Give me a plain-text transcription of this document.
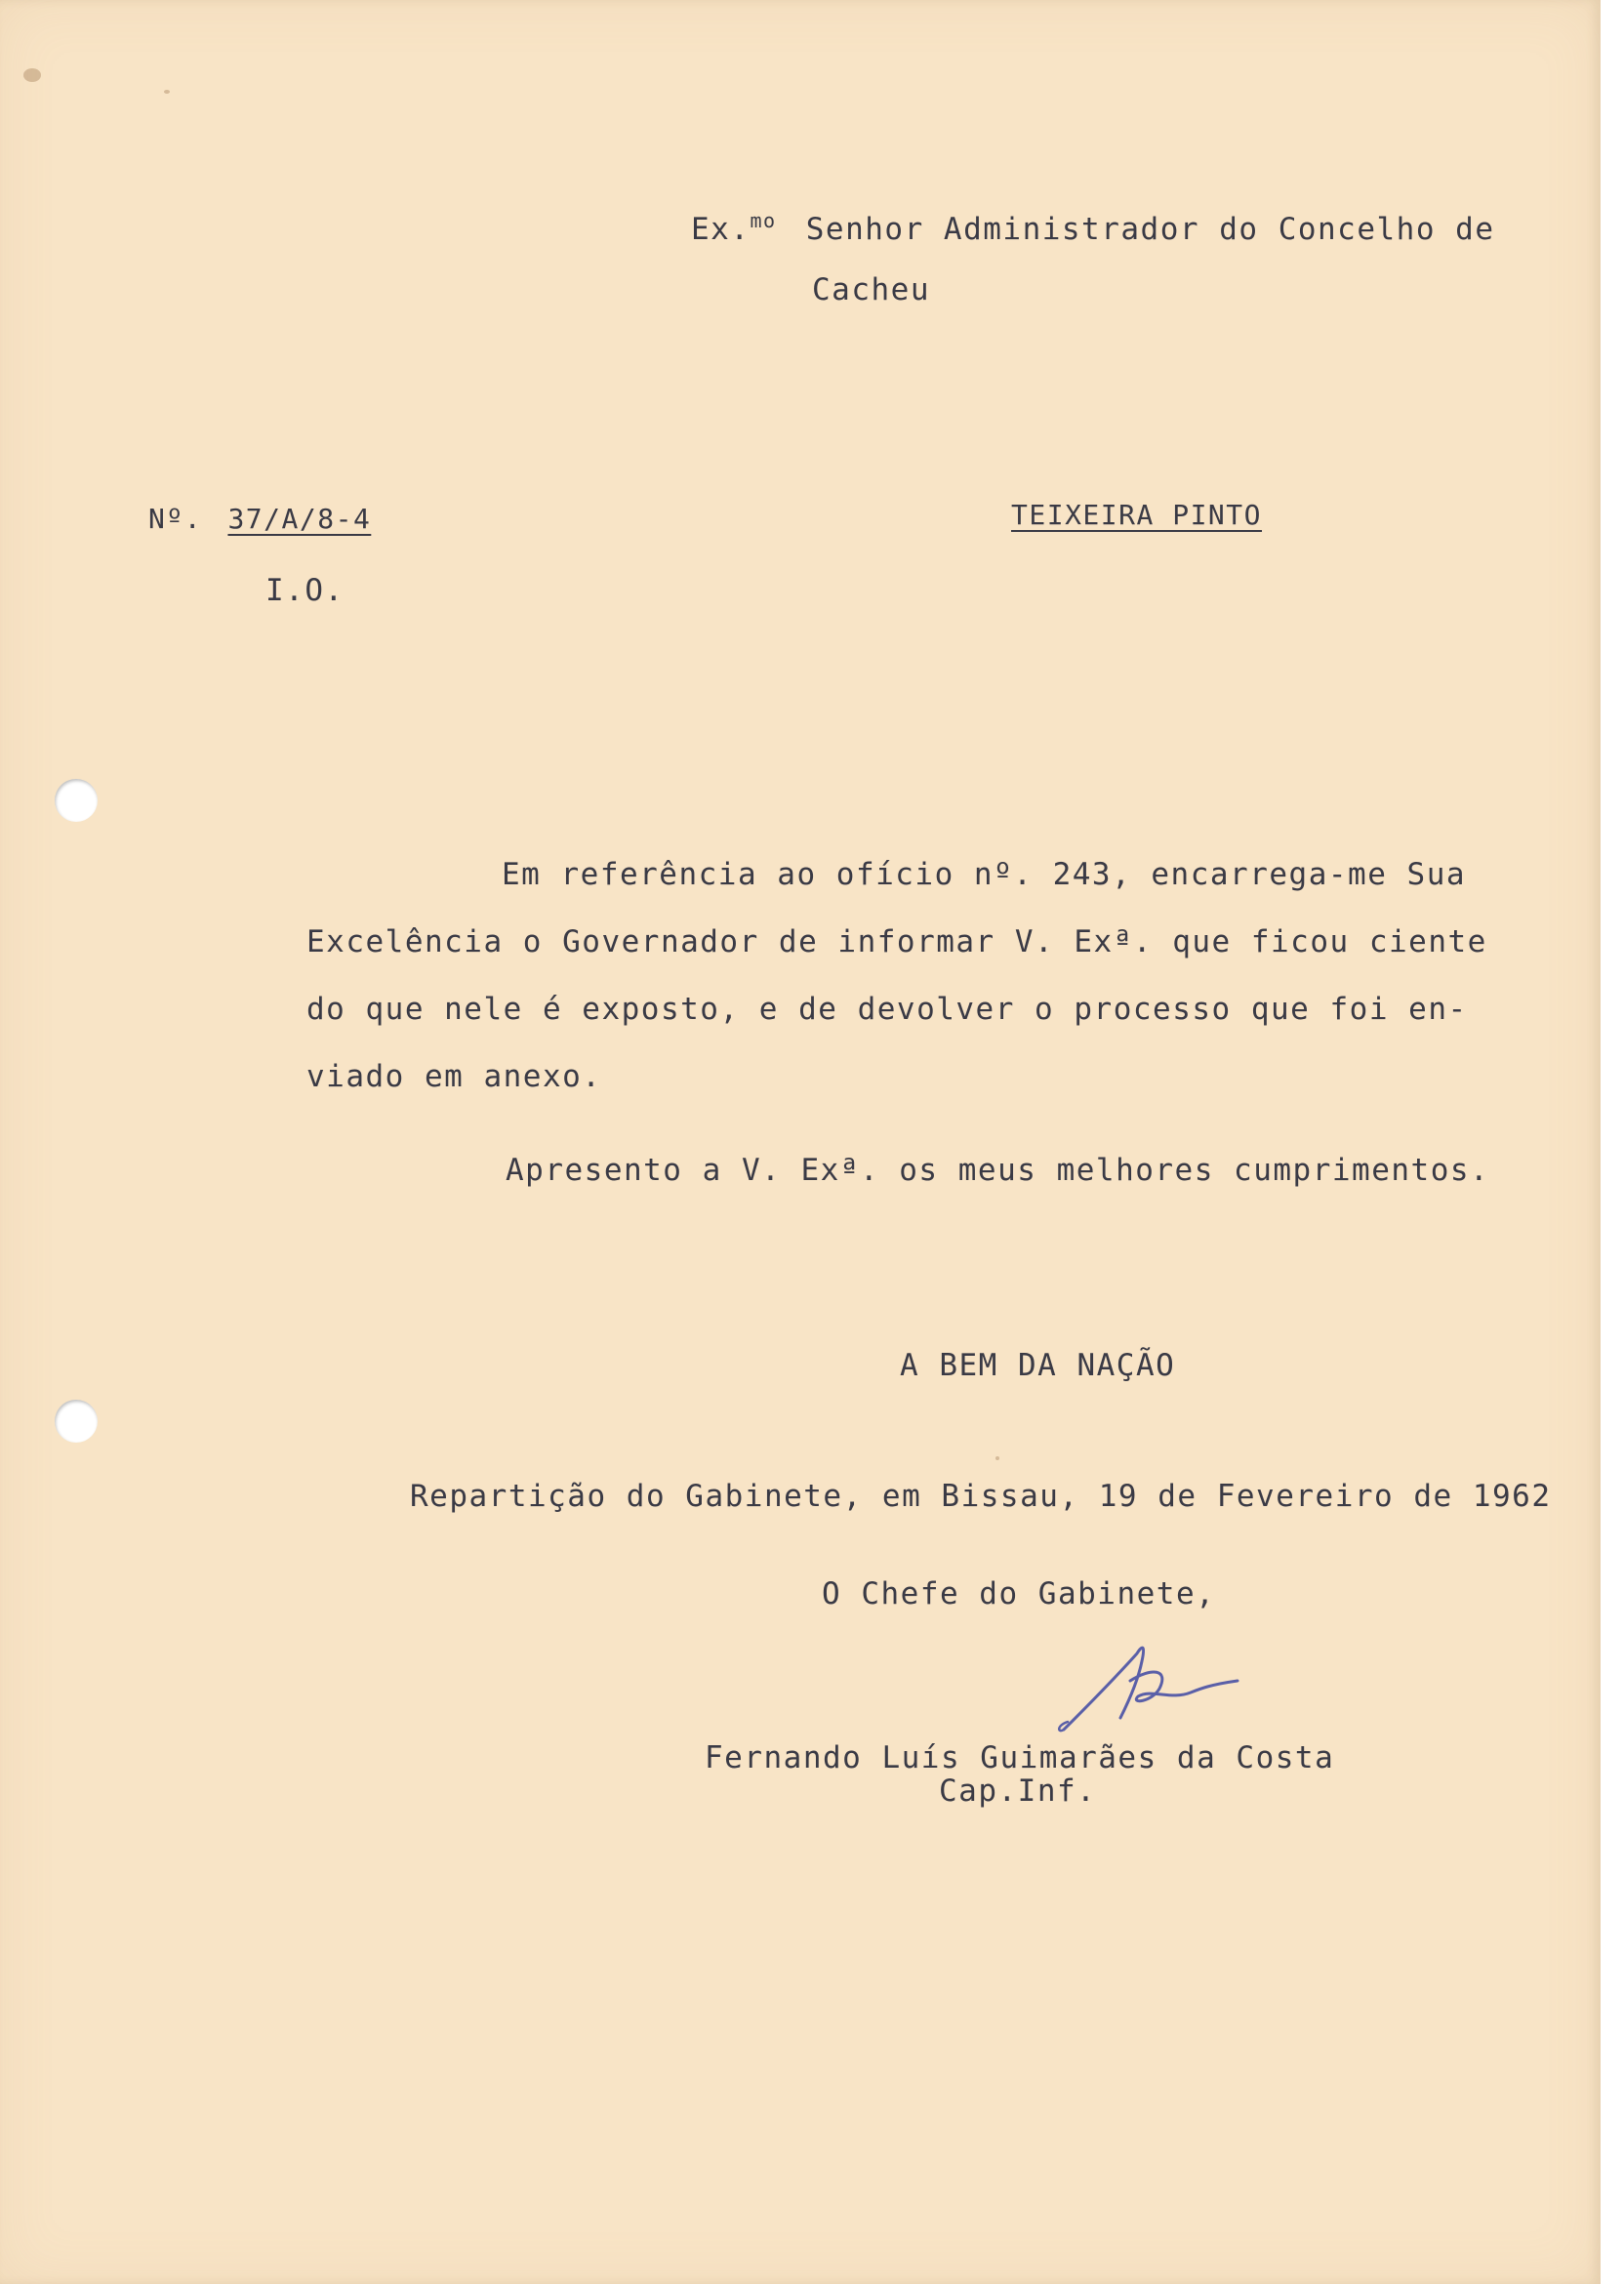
Ex.$^{mo}$ Senhor Administrador do Concelho de
Cacheu
Nº. 37/A/8-4
I.O.
TEIXEIRA PINTO
Em referência ao ofício nº. 243, encarrega-me Sua
Excelência o Governador de informar V. Exª. que ficou ciente
do que nele é exposto, e de devolver o processo que foi en-
viado em anexo.
Apresento a V. Exª. os meus melhores cumprimentos.
A BEM DA NAÇÃO
Repartição do Gabinete, em Bissau, 19 de Fevereiro de 1962
O Chefe do Gabinete,
Fernando Luís Guimarães da Costa
Cap.Inf.
